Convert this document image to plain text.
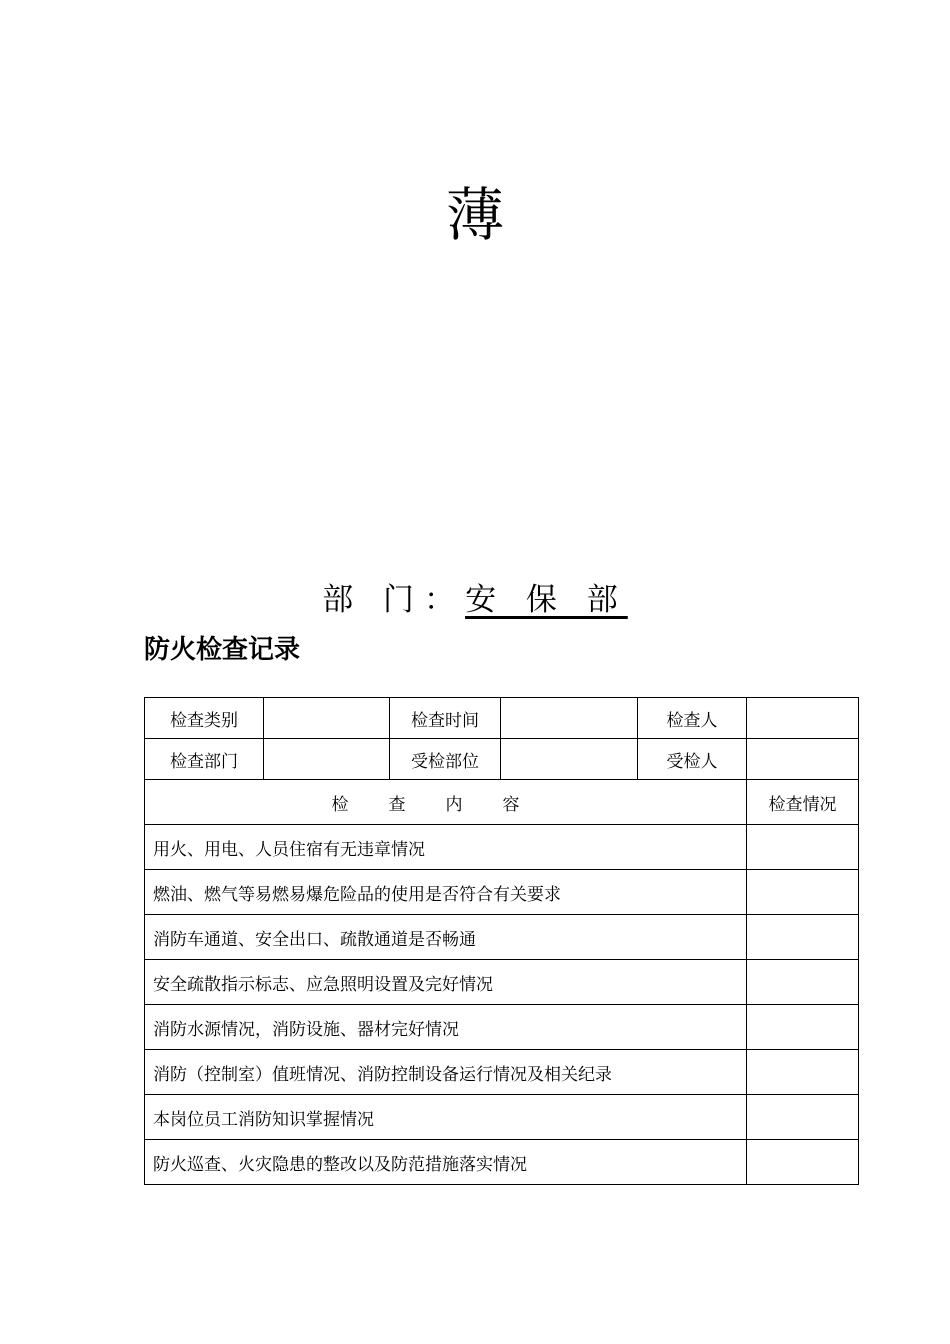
薄
部 门：安 保 部
防火检查记录
检查类别		检查时间		检查人	
检查部门		受检部位		受检人	
检查内容					检查情况
用火、用电、人员住宿有无违章情况					
燃油、燃气等易燃易爆危险品的使用是否符合有关要求					
消防车通道、安全出口、疏散通道是否畅通					
安全疏散指示标志、应急照明设置及完好情况					
消防水源情况，消防设施、器材完好情况					
消防（控制室）值班情况、消防控制设备运行情况及相关纪录					
本岗位员工消防知识掌握情况					
防火巡查、火灾隐患的整改以及防范措施落实情况					
